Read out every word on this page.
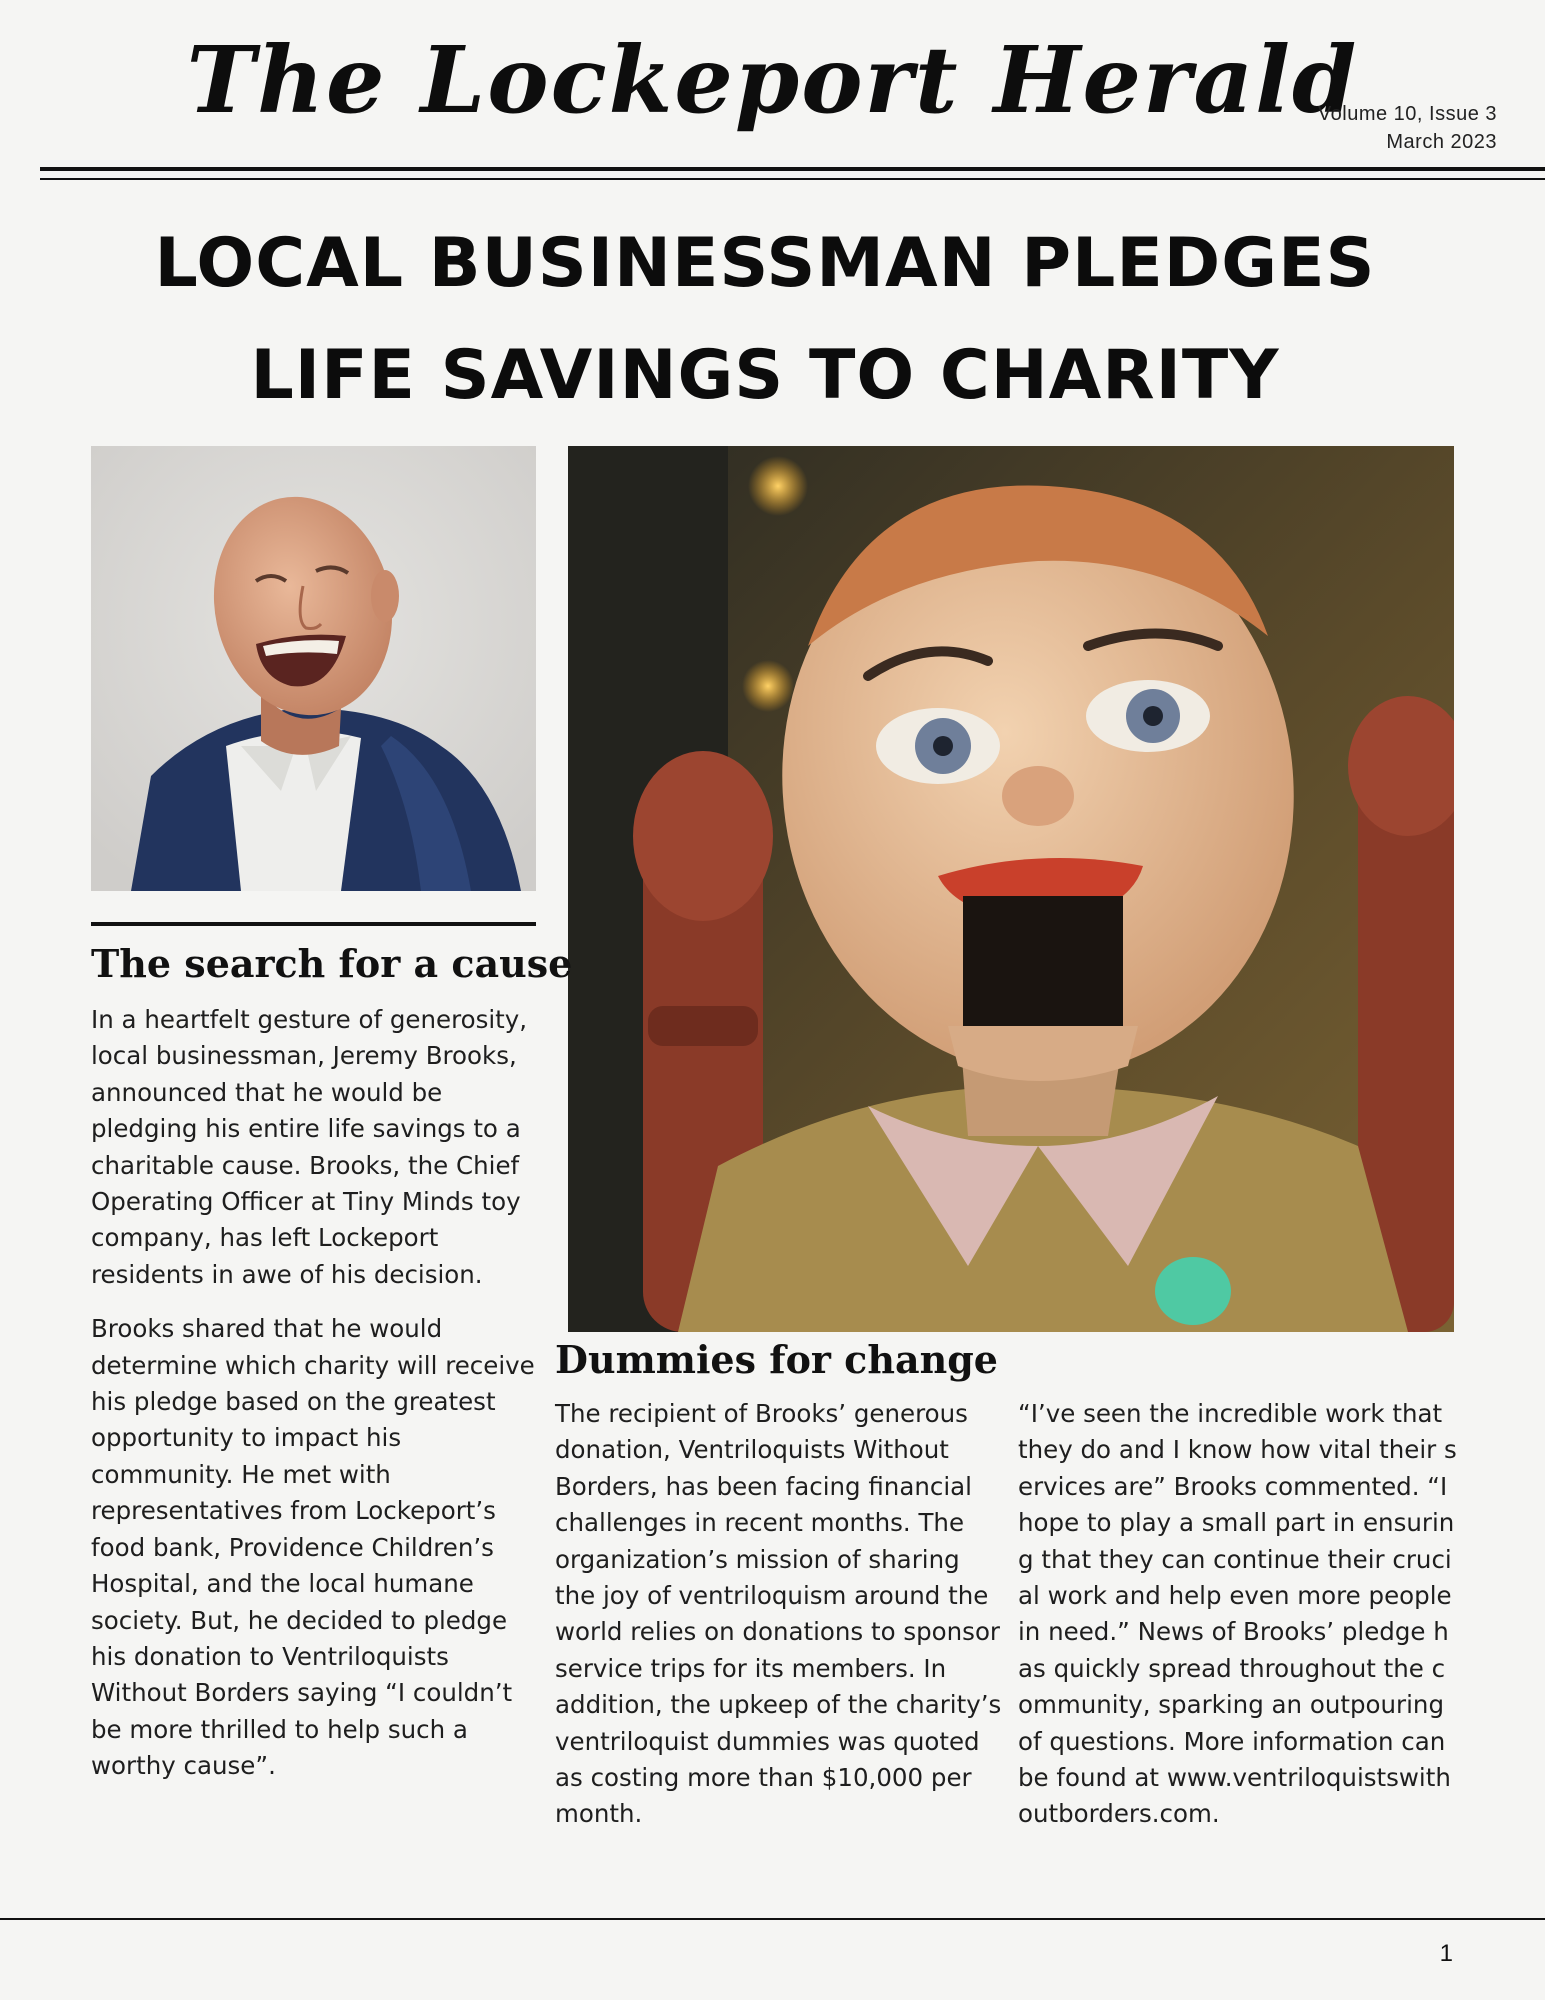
The Lockeport Herald
Volume 10, Issue 3
March 2023
LOCAL BUSINESSMAN PLEDGES
LIFE SAVINGS TO CHARITY
The search for a cause

In a heartfelt gesture of generosity, local businessman, Jeremy Brooks, announced that he would be pledging his entire life savings to a charitable cause. Brooks, the Chief Operating Officer at Tiny Minds toy company, has left Lockeport residents in awe of his decision.

Brooks shared that he would determine which charity will receive his pledge based on the greatest opportunity to impact his community. He met with representatives from Lockeport’s food bank, Providence Children’s Hospital, and the local humane society. But, he decided to pledge his donation to Ventriloquists Without Borders saying “I couldn’t be more thrilled to help such a worthy cause”.

Dummies for change
The recipient of Brooks’ generous donation, Ventriloquists Without Borders, has been facing financial challenges in recent months. The organization’s mission of sharing the joy of ventriloquism around the world relies on donations to sponsor service trips for its members. In addition, the upkeep of the charity’s ventriloquist dummies was quoted as costing more than $10,000 per month.
“I’ve seen the incredible work that they do and I know how vital their services are” Brooks commented. “I hope to play a small part in ensuring that they can continue their crucial work and help even more people in need.” News of Brooks’ pledge has quickly spread throughout the community, sparking an outpouring of questions. More information can be found at www.ventriloquistswithoutborders.com.
1
